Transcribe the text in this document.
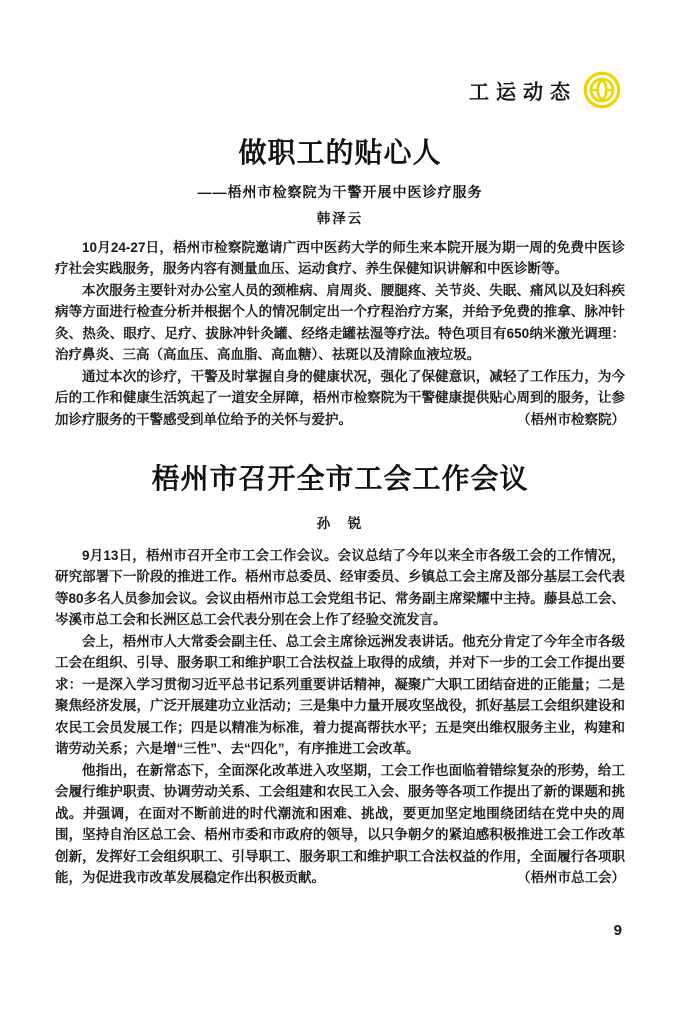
工运动态
做职工的贴心人
——梧州市检察院为干警开展中医诊疗服务
韩泽云

10月24-27日，梧州市检察院邀请广西中医药大学的师生来本院开展为期一周的免费中医诊疗社会实践服务，服务内容有测量血压、运动食疗、养生保健知识讲解和中医诊断等。

本次服务主要针对办公室人员的颈椎病、肩周炎、腰腿疼、关节炎、失眠、痛风以及妇科疾病等方面进行检查分析并根据个人的情况制定出一个疗程治疗方案，并给予免费的推拿、脉冲针灸、热灸、眼疗、足疗、拔脉冲针灸罐、经络走罐祛湿等疗法。特色项目有650纳米激光调理：治疗鼻炎、三高（高血压、高血脂、高血糖）、祛斑以及清除血液垃圾。

通过本次的诊疗，干警及时掌握自身的健康状况，强化了保健意识，减轻了工作压力，为今后的工作和健康生活筑起了一道安全屏障，梧州市检察院为干警健康提供贴心周到的服务，让参加诊疗服务的干警感受到单位给予的关怀与爱护。	（梧州市检察院）

梧州市召开全市工会工作会议
孙　锐

9月13日，梧州市召开全市工会工作会议。会议总结了今年以来全市各级工会的工作情况，研究部署下一阶段的推进工作。梧州市总委员、经审委员、乡镇总工会主席及部分基层工会代表等80多名人员参加会议。会议由梧州市总工会党组书记、常务副主席梁耀中主持。藤县总工会、岑溪市总工会和长洲区总工会代表分别在会上作了经验交流发言。

会上，梧州市人大常委会副主任、总工会主席徐远洲发表讲话。他充分肯定了今年全市各级工会在组织、引导、服务职工和维护职工合法权益上取得的成绩，并对下一步的工会工作提出要求：一是深入学习贯彻习近平总书记系列重要讲话精神，凝聚广大职工团结奋进的正能量；二是聚焦经济发展，广泛开展建功立业活动；三是集中力量开展攻坚战役，抓好基层工会组织建设和农民工会员发展工作；四是以精准为标准，着力提高帮扶水平；五是突出维权服务主业，构建和谐劳动关系；六是增“三性”、去“四化”，有序推进工会改革。

他指出，在新常态下，全面深化改革进入攻坚期，工会工作也面临着错综复杂的形势，给工会履行维护职责、协调劳动关系、工会组建和农民工入会、服务等各项工作提出了新的课题和挑战。并强调，在面对不断前进的时代潮流和困难、挑战，要更加坚定地围绕团结在党中央的周围，坚持自治区总工会、梧州市委和市政府的领导，以只争朝夕的紧迫感积极推进工会工作改革创新，发挥好工会组织职工、引导职工、服务职工和维护职工合法权益的作用，全面履行各项职能，为促进我市改革发展稳定作出积极贡献。	（梧州市总工会）

9
